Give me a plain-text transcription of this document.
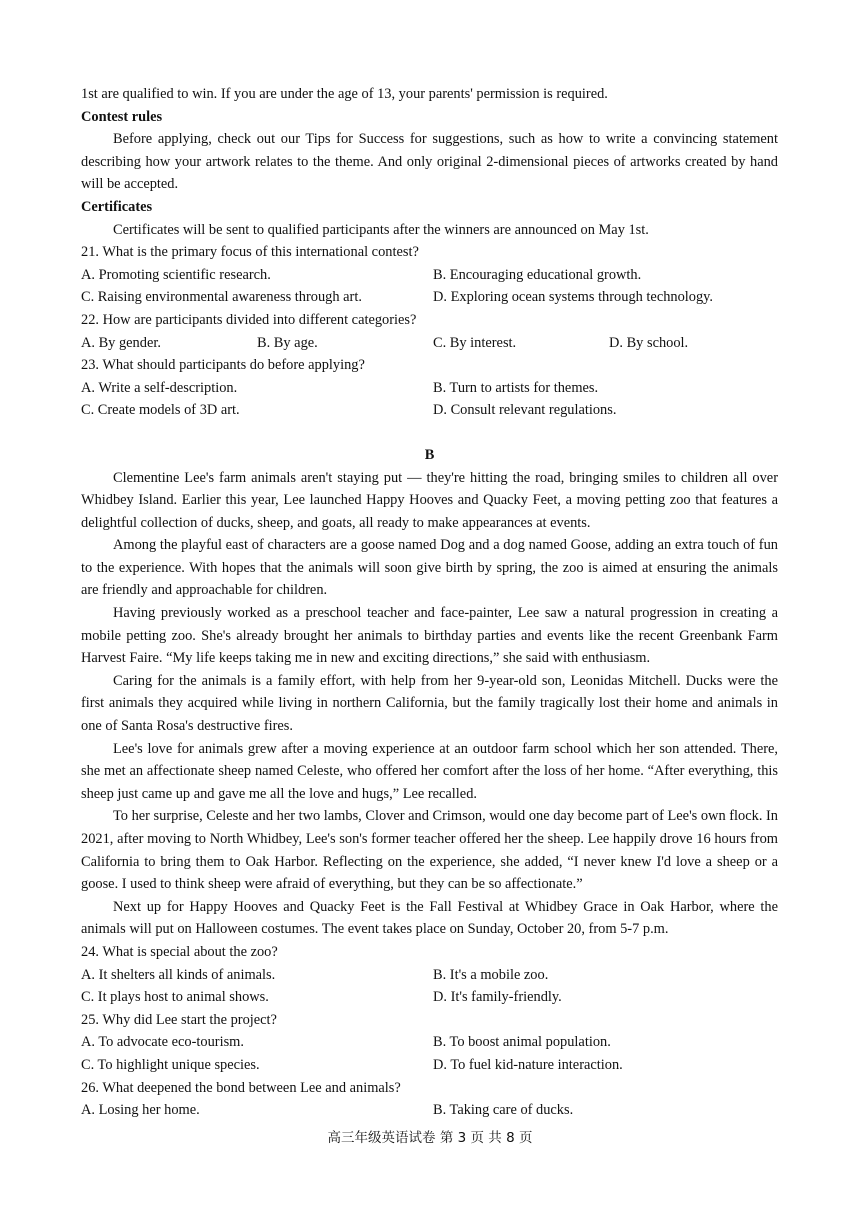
1st are qualified to win. If you are under the age of 13, your parents' permission is required.

Contest rules

Before applying, check out our Tips for Success for suggestions, such as how to write a convincing statement describing how your artwork relates to the theme. And only original 2-dimensional pieces of artworks created by hand will be accepted.

Certificates

Certificates will be sent to qualified participants after the winners are announced on May 1st.

21. What is the primary focus of this international contest?

A. Promoting scientific research.	B. Encouraging educational growth.
C. Raising environmental awareness through art.	D. Exploring ocean systems through technology.

22. How are participants divided into different categories?

A. By gender.	B. By age.	C. By interest.	D. By school.

23. What should participants do before applying?

A. Write a self-description.	B. Turn to artists for themes.
C. Create models of 3D art.	D. Consult relevant regulations.

B

Clementine Lee's farm animals aren't staying put — they're hitting the road, bringing smiles to children all over Whidbey Island. Earlier this year, Lee launched Happy Hooves and Quacky Feet, a moving petting zoo that features a delightful collection of ducks, sheep, and goats, all ready to make appearances at events.

Among the playful east of characters are a goose named Dog and a dog named Goose, adding an extra touch of fun to the experience. With hopes that the animals will soon give birth by spring, the zoo is aimed at ensuring the animals are friendly and approachable for children.

Having previously worked as a preschool teacher and face-painter, Lee saw a natural progression in creating a mobile petting zoo. She's already brought her animals to birthday parties and events like the recent Greenbank Farm Harvest Faire. “My life keeps taking me in new and exciting directions,” she said with enthusiasm.

Caring for the animals is a family effort, with help from her 9-year-old son, Leonidas Mitchell. Ducks were the first animals they acquired while living in northern California, but the family tragically lost their home and animals in one of Santa Rosa's destructive fires.

Lee's love for animals grew after a moving experience at an outdoor farm school which her son attended. There, she met an affectionate sheep named Celeste, who offered her comfort after the loss of her home. “After everything, this sheep just came up and gave me all the love and hugs,” Lee recalled.

To her surprise, Celeste and her two lambs, Clover and Crimson, would one day become part of Lee's own flock. In 2021, after moving to North Whidbey, Lee's son's former teacher offered her the sheep. Lee happily drove 16 hours from California to bring them to Oak Harbor. Reflecting on the experience, she added, “I never knew I'd love a sheep or a goose. I used to think sheep were afraid of everything, but they can be so affectionate.”

Next up for Happy Hooves and Quacky Feet is the Fall Festival at Whidbey Grace in Oak Harbor, where the animals will put on Halloween costumes. The event takes place on Sunday, October 20, from 5-7 p.m.

24. What is special about the zoo?

A. It shelters all kinds of animals.	B. It's a mobile zoo.
C. It plays host to animal shows.	D. It's family-friendly.

25. Why did Lee start the project?

A. To advocate eco-tourism.	B. To boost animal population.
C. To highlight unique species.	D. To fuel kid-nature interaction.

26. What deepened the bond between Lee and animals?

A. Losing her home.	B. Taking care of ducks.
高三年级英语试卷 第 3 页 共 8 页
